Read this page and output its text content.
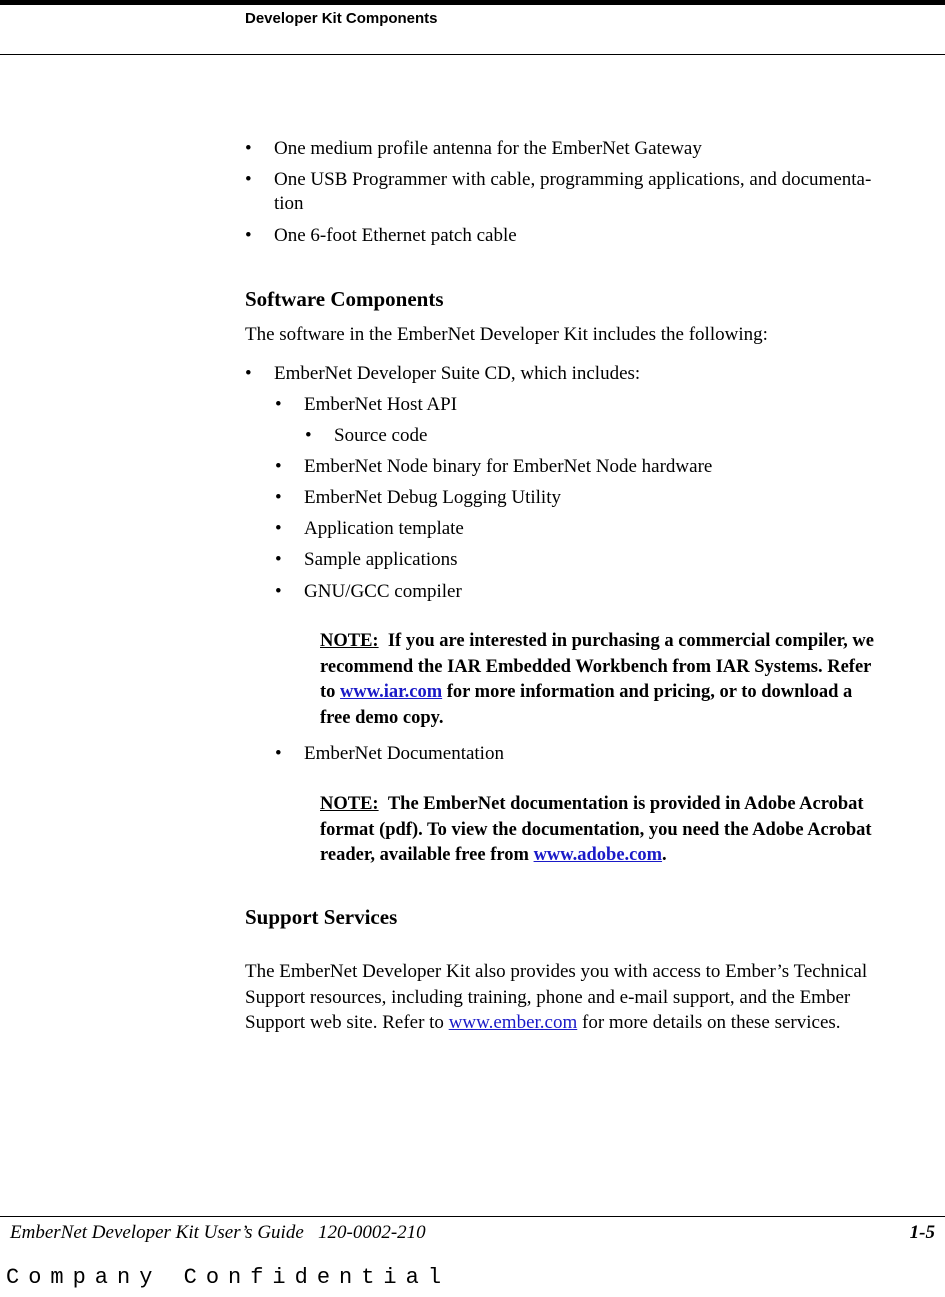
Developer Kit Components
• One medium profile antenna for the EmberNet Gateway
• One USB Programmer with cable, programming applications, and documenta-
tion
• One 6-foot Ethernet patch cable
Software Components

The software in the EmberNet Developer Kit includes the following:

• EmberNet Developer Suite CD, which includes:
• EmberNet Host API
• Source code
• EmberNet Node binary for EmberNet Node hardware
• EmberNet Debug Logging Utility
• Application template
• Sample applications
• GNU/GCC compiler
NOTE: If you are interested in purchasing a commercial compiler, we
recommend the IAR Embedded Workbench from IAR Systems. Refer
to www.iar.com for more information and pricing, or to download a
free demo copy.
• EmberNet Documentation
NOTE: The EmberNet documentation is provided in Adobe Acrobat
format (pdf). To view the documentation, you need the Adobe Acrobat
reader, available free from www.adobe.com.
Support Services
The EmberNet Developer Kit also provides you with access to Ember’s Technical
Support resources, including training, phone and e-mail support, and the Ember
Support web site. Refer to www.ember.com for more details on these services.
EmberNet Developer Kit User’s Guide   120-0002-210	1-5
Company Confidential
